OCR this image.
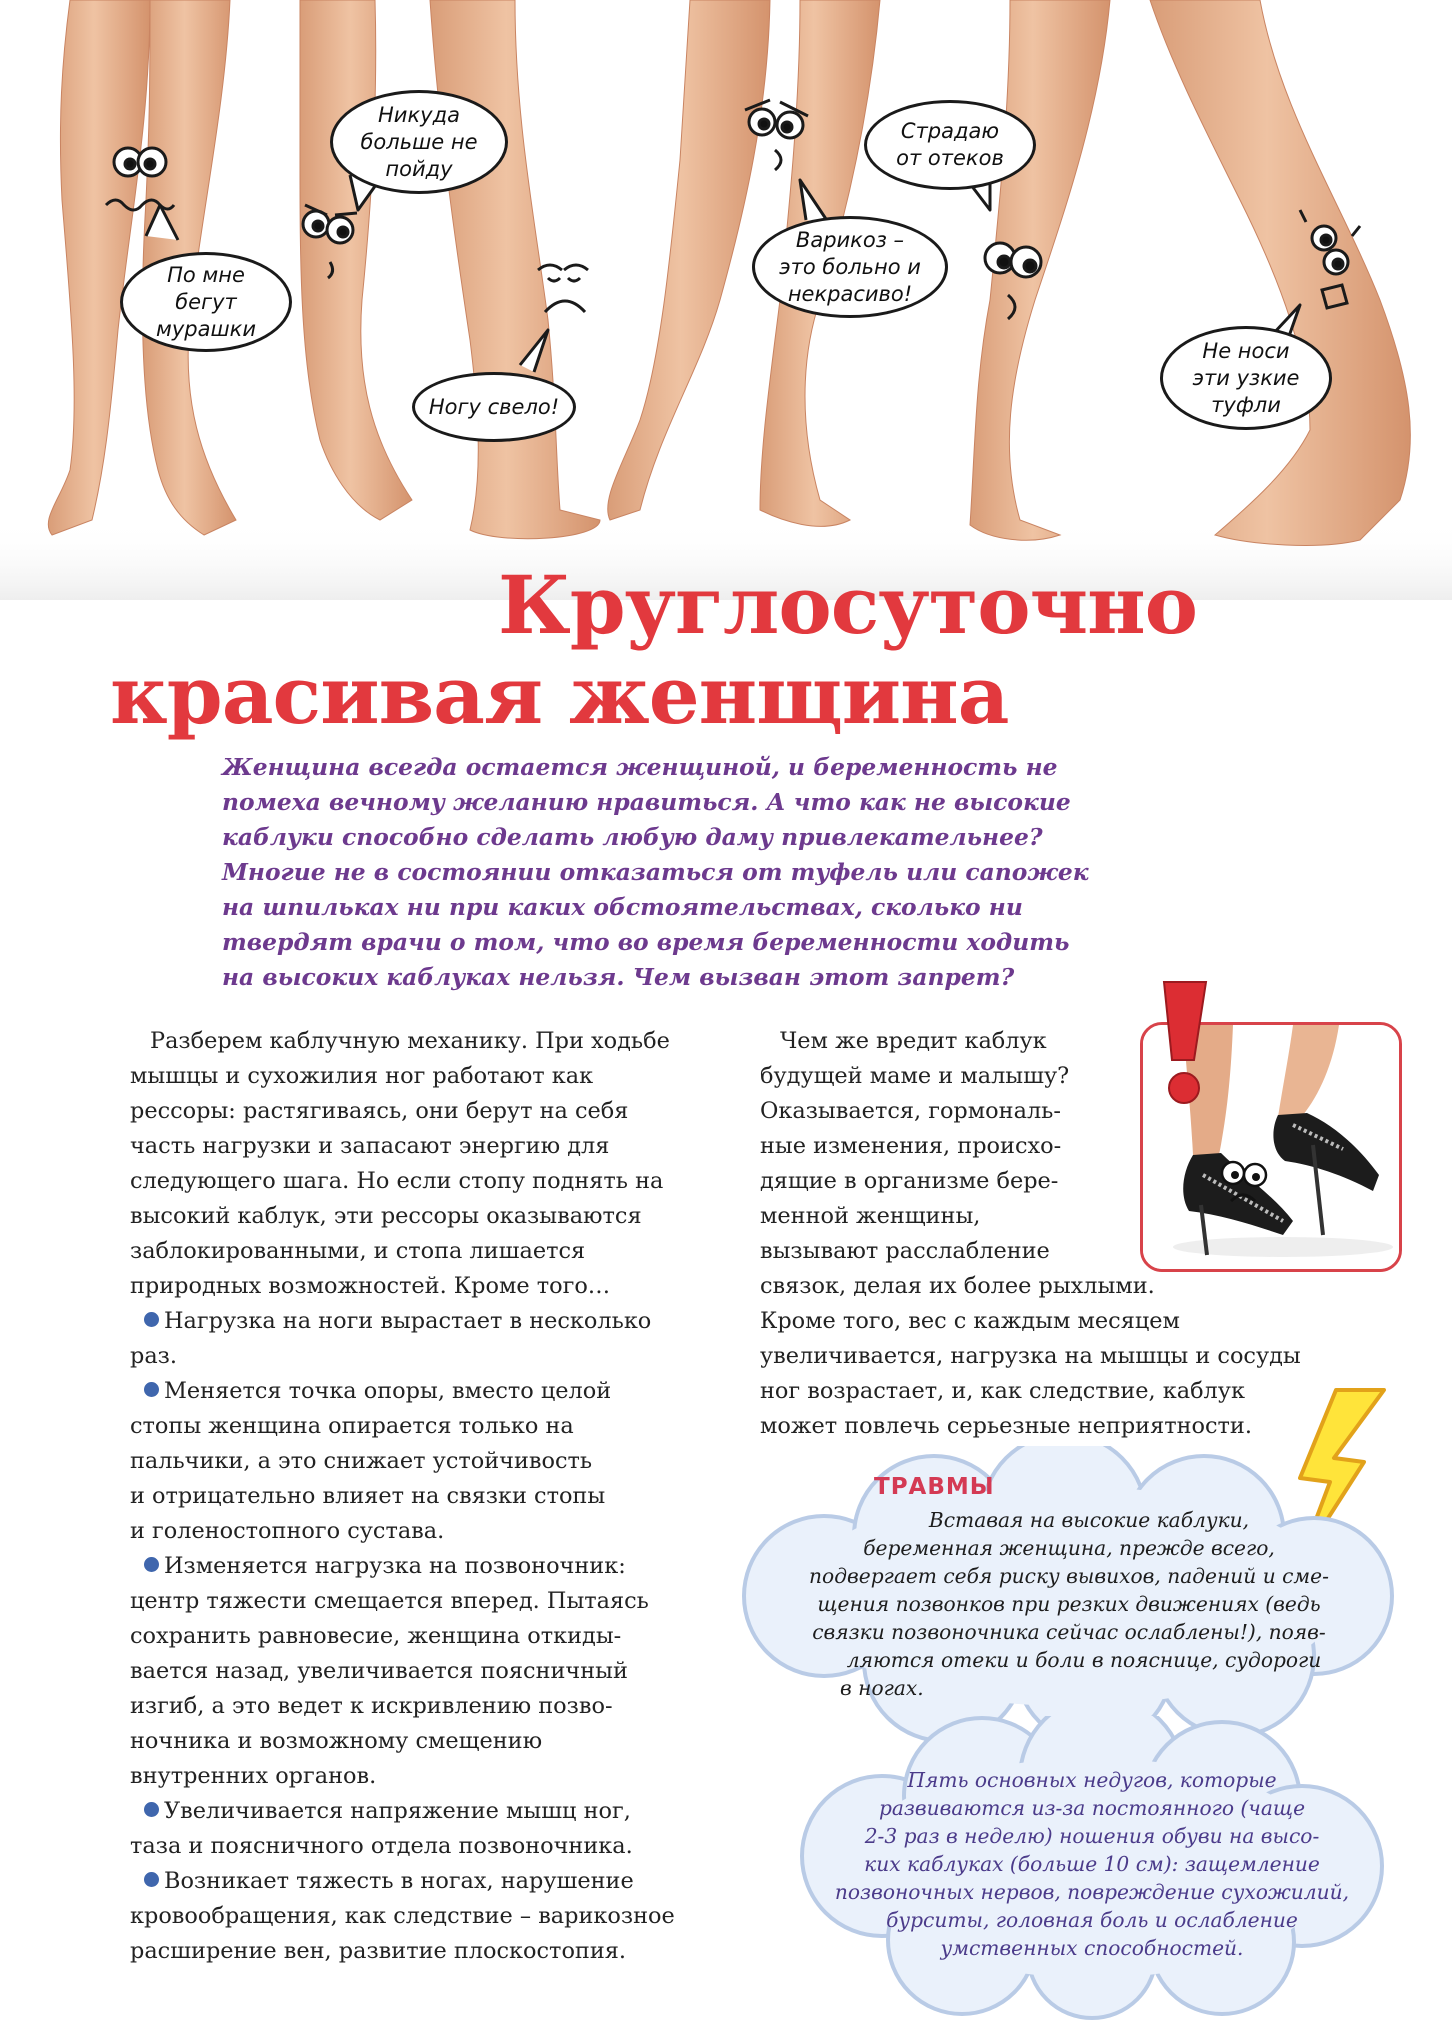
По мне
бегут
мурашки
Никуда
больше не
пойду
Ногу свело!
Варикоз –
это больно и
некрасиво!
Страдаю
от отеков
Не носи
эти узкие
туфли
Круглосуточно
красивая женщина

Женщина всегда остается женщиной, и беременность не

помеха вечному желанию нравиться. А что как не высокие

каблуки способно сделать любую даму привлекательнее?

Многие не в состоянии отказаться от туфель или сапожек

на шпильках ни при каких обстоятельствах, сколько ни

твердят врачи о том, что во время беременности ходить

на высоких каблуках нельзя. Чем вызван этот запрет?

Разберем каблучную механику. При ходьбе

мышцы и сухожилия ног работают как

рессоры: растягиваясь, они берут на себя

часть нагрузки и запасают энергию для

следующего шага. Но если стопу поднять на

высокий каблук, эти рессоры оказываются

заблокированными, и стопа лишается

природных возможностей. Кроме того…

Нагрузка на ноги вырастает в несколько

раз.

Меняется точка опоры, вместо целой

стопы женщина опирается только на

пальчики, а это снижает устойчивость

и отрицательно влияет на связки стопы

и голеностопного сустава.

Изменяется нагрузка на позвоночник:

центр тяжести смещается вперед. Пытаясь

сохранить равновесие, женщина откиды-

вается назад, увеличивается поясничный

изгиб, а это ведет к искривлению позво-

ночника и возможному смещению

внутренних органов.

Увеличивается напряжение мышц ног,

таза и поясничного отдела позвоночника.

Возникает тяжесть в ногах, нарушение

кровообращения, как следствие – варикозное

расширение вен, развитие плоскостопия.

Чем же вредит каблук

будущей маме и малышу?

Оказывается, гормональ-

ные изменения, происхо-

дящие в организме бере-

менной женщины,

вызывают расслабление

связок, делая их более рыхлыми.

Кроме того, вес с каждым месяцем

увеличивается, нагрузка на мышцы и сосуды

ног возрастает, и, как следствие, каблук

может повлечь серьезные неприятности.

ТРАВМЫ

Вставая на высокие каблуки,

беременная женщина, прежде всего,

подвергает себя риску вывихов, падений и сме-

щения позвонков при резких движениях (ведь

связки позвоночника сейчас ослаблены!), появ-

ляются отеки и боли в пояснице, судороги

в ногах.

Пять основных недугов, которые

развиваются из-за постоянного (чаще

2-3 раз в неделю) ношения обуви на высо-

ких каблуках (больше 10 см): защемление

позвоночных нервов, повреждение сухожилий,

бурситы, головная боль и ослабление

умственных способностей.
